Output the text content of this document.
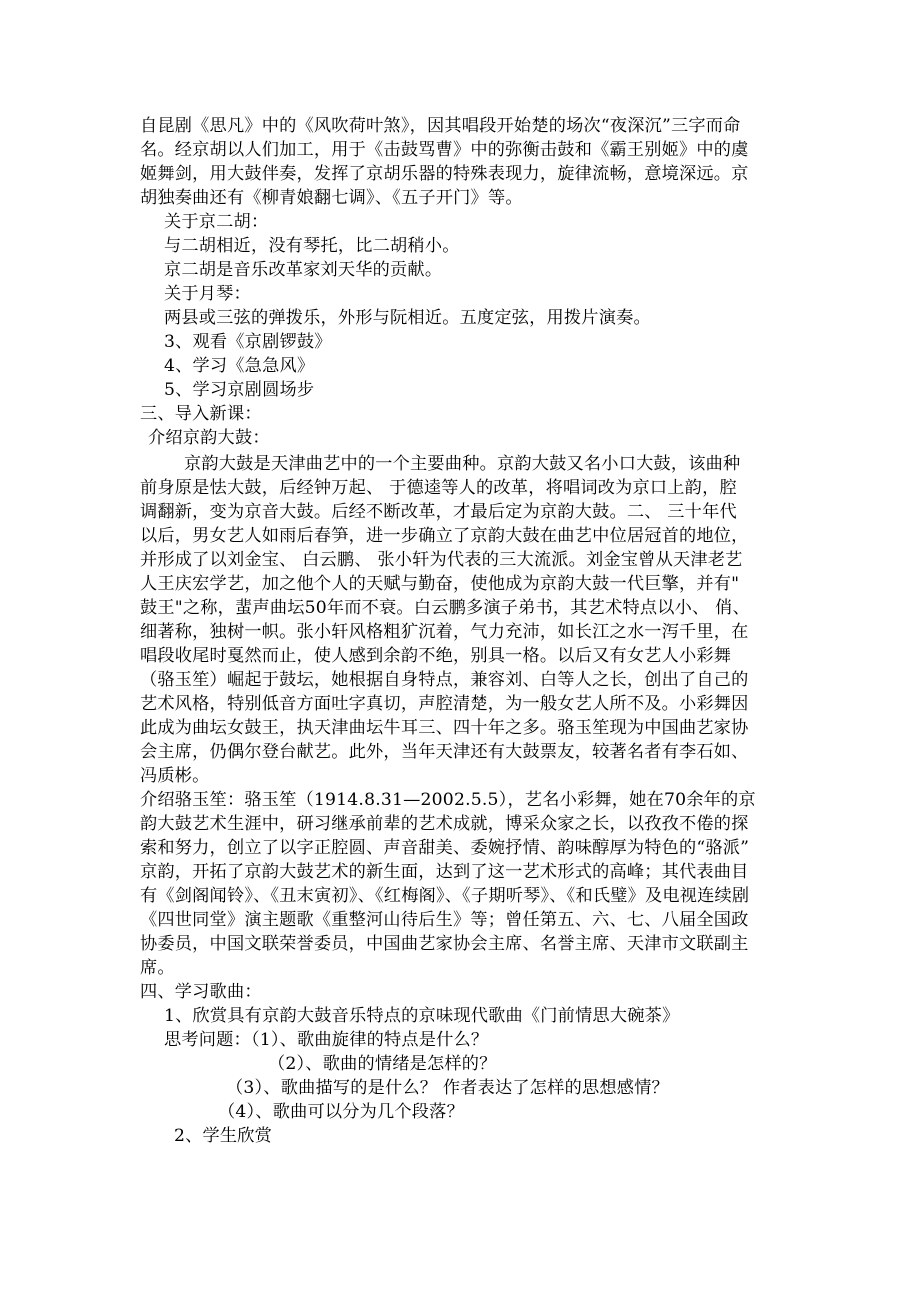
自昆剧《思凡》中的《风吹荷叶煞》，因其唱段开始楚的场次“夜深沉”三字而命
名。经京胡以人们加工，用于《击鼓骂曹》中的弥衡击鼓和《霸王别姬》中的虞
姬舞剑，用大鼓伴奏，发挥了京胡乐器的特殊表现力，旋律流畅，意境深远。京
胡独奏曲还有《柳青娘翻七调》、《五子开门》等。
关于京二胡：
与二胡相近，没有琴托，比二胡稍小。
京二胡是音乐改革家刘天华的贡献。
关于月琴：
两县或三弦的弹拨乐，外形与阮相近。五度定弦，用拨片演奏。
3、观看《京剧锣鼓》
4、学习《急急风》
5、学习京剧圆场步
三、导入新课：
介绍京韵大鼓：
京韵大鼓是天津曲艺中的一个主要曲种。京韵大鼓又名小口大鼓，该曲种
前身原是怯大鼓，后经钟万起、 于德逵等人的改革，将唱词改为京口上韵，腔
调翻新，变为京音大鼓。后经不断改革，才最后定为京韵大鼓。二、 三十年代
以后，男女艺人如雨后春笋，进一步确立了京韵大鼓在曲艺中位居冠首的地位，
并形成了以刘金宝、 白云鹏、 张小轩为代表的三大流派。刘金宝曾从天津老艺
人王庆宏学艺，加之他个人的天赋与勤奋，使他成为京韵大鼓一代巨擎，并有"
鼓王"之称，蜚声曲坛50年而不衰。白云鹏多演子弟书，其艺术特点以小、 俏、
细著称，独树一帜。张小轩风格粗犷沉着，气力充沛，如长江之水一泻千里，在
唱段收尾时戛然而止，使人感到余韵不绝，别具一格。以后又有女艺人小彩舞
（骆玉笙）崛起于鼓坛，她根据自身特点，兼容刘、白等人之长，创出了自己的
艺术风格，特别低音方面吐字真切，声腔清楚，为一般女艺人所不及。小彩舞因
此成为曲坛女鼓王，执天津曲坛牛耳三、四十年之多。骆玉笙现为中国曲艺家协
会主席，仍偶尔登台献艺。此外，当年天津还有大鼓票友，较著名者有李石如、
冯质彬。
介绍骆玉笙：骆玉笙（1914.8.31—2002.5.5），艺名小彩舞，她在70余年的京
韵大鼓艺术生涯中，研习继承前辈的艺术成就，博采众家之长，以孜孜不倦的探
索和努力，创立了以字正腔圆、声音甜美、委婉抒情、韵味醇厚为特色的“骆派”
京韵，开拓了京韵大鼓艺术的新生面，达到了这一艺术形式的高峰；其代表曲目
有《剑阁闻铃》、《丑末寅初》、《红梅阁》、《子期听琴》、《和氏璧》及电视连续剧
《四世同堂》演主题歌《重整河山待后生》等；曾任第五、六、七、八届全国政
协委员，中国文联荣誉委员，中国曲艺家协会主席、名誉主席、天津市文联副主
席。
四、学习歌曲：
1、欣赏具有京韵大鼓音乐特点的京味现代歌曲《门前情思大碗茶》
思考问题：（1）、歌曲旋律的特点是什么？
（2）、歌曲的情绪是怎样的？
（3）、歌曲描写的是什么？ 作者表达了怎样的思想感情？
（4）、歌曲可以分为几个段落？
2、学生欣赏
